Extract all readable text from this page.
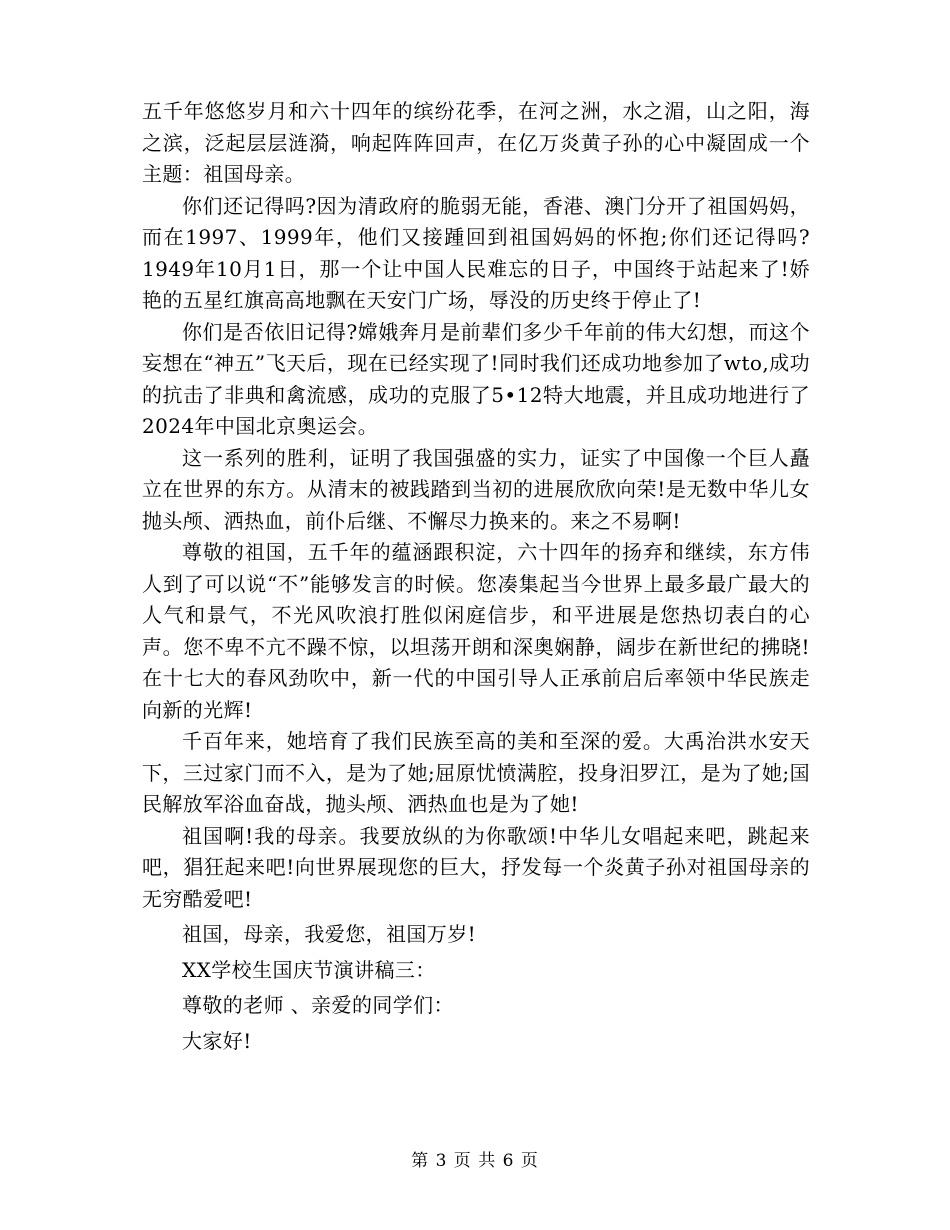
五千年悠悠岁月和六十四年的缤纷花季，在河之洲，水之湄，山之阳，海之滨，泛起层层涟漪，响起阵阵回声，在亿万炎黄子孙的心中凝固成一个主题：祖国母亲。

你们还记得吗?因为清政府的脆弱无能，香港、澳门分开了祖国妈妈，而在1997、1999年，他们又接踵回到祖国妈妈的怀抱;你们还记得吗?1949年10月1日，那一个让中国人民难忘的日子，中国终于站起来了!娇艳的五星红旗高高地飘在天安门广场，辱没的历史终于停止了!

你们是否依旧记得?嫦娥奔月是前辈们多少千年前的伟大幻想，而这个妄想在“神五”飞天后，现在已经实现了!同时我们还成功地参加了wto,成功的抗击了非典和禽流感，成功的克服了5•12特大地震，并且成功地进行了2024年中国北京奥运会。

这一系列的胜利，证明了我国强盛的实力，证实了中国像一个巨人矗立在世界的东方。从清末的被践踏到当初的进展欣欣向荣!是无数中华儿女抛头颅、洒热血，前仆后继、不懈尽力换来的。来之不易啊!

尊敬的祖国，五千年的蕴涵跟积淀，六十四年的扬弃和继续，东方伟人到了可以说“不”能够发言的时候。您凑集起当今世界上最多最广最大的人气和景气，不光风吹浪打胜似闲庭信步，和平进展是您热切表白的心声。您不卑不亢不躁不惊，以坦荡开朗和深奥娴静，阔步在新世纪的拂晓!在十七大的春风劲吹中，新一代的中国引导人正承前启后率领中华民族走向新的光辉!

千百年来，她培育了我们民族至高的美和至深的爱。大禹治洪水安天下，三过家门而不入，是为了她;屈原忧愤满腔，投身汨罗江，是为了她;国民解放军浴血奋战，抛头颅、洒热血也是为了她!

祖国啊!我的母亲。我要放纵的为你歌颂!中华儿女唱起来吧，跳起来吧，猖狂起来吧!向世界展现您的巨大，抒发每一个炎黄子孙对祖国母亲的无穷酷爱吧!

祖国，母亲，我爱您，祖国万岁!

XX学校生国庆节演讲稿三：

尊敬的老师 、亲爱的同学们：

大家好!

第 3 页 共 6 页
